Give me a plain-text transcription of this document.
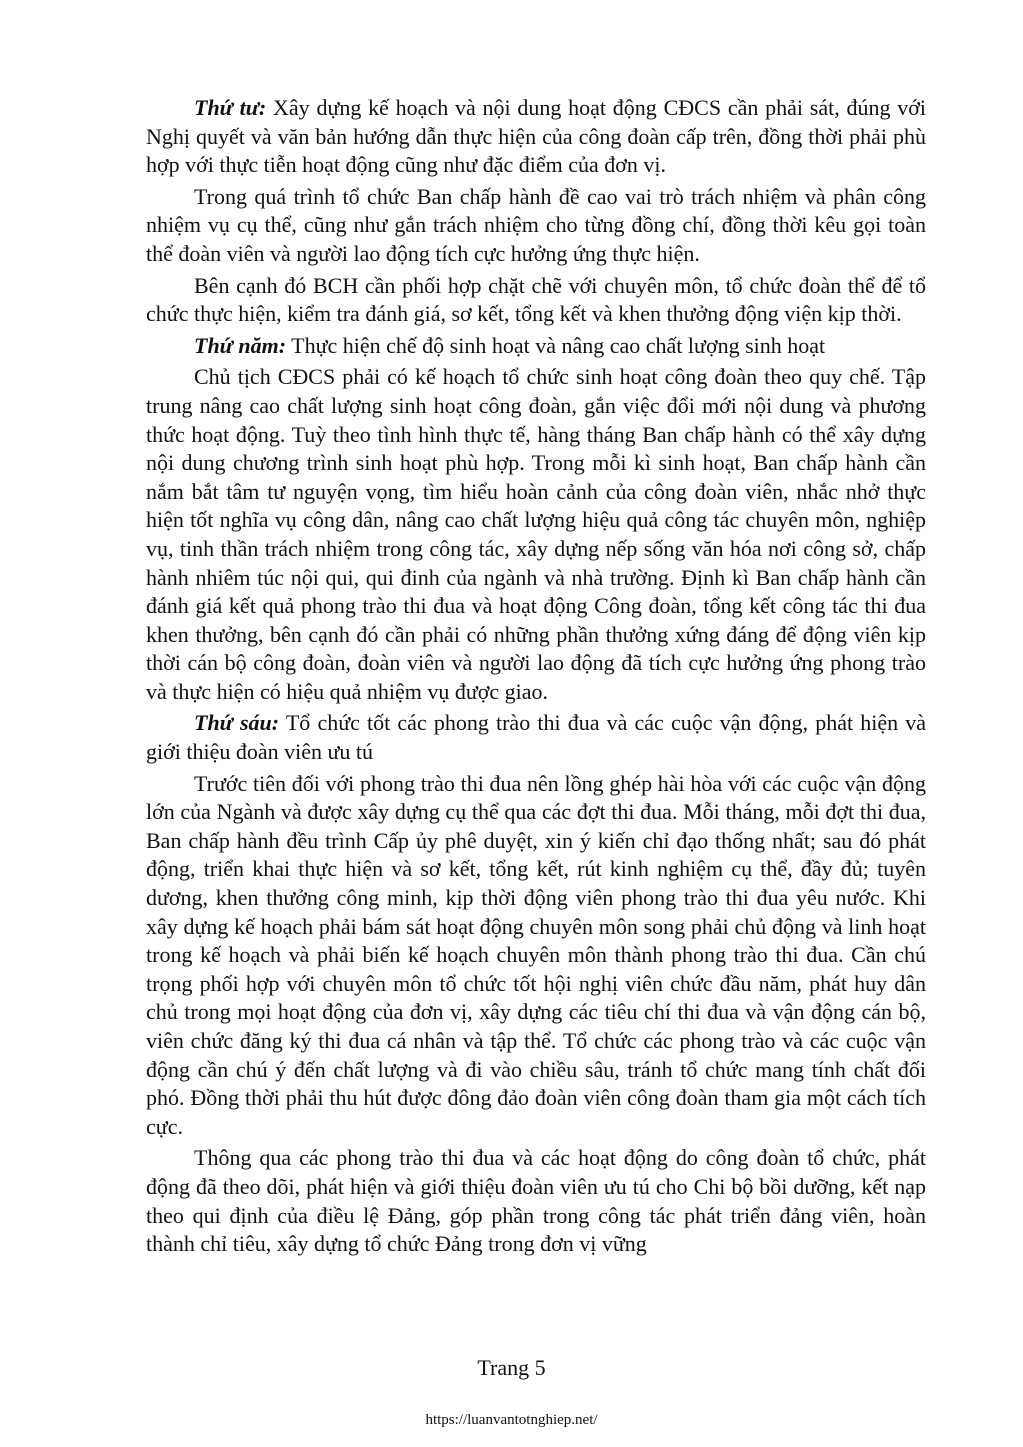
Thứ tư: Xây dựng kế hoạch và nội dung hoạt động CĐCS cần phải sát, đúng với Nghị quyết và văn bản hướng dẫn thực hiện của công đoàn cấp trên, đồng thời phải phù hợp với thực tiễn hoạt động cũng như đặc điểm của đơn vị.

Trong quá trình tổ chức Ban chấp hành đề cao vai trò trách nhiệm và phân công nhiệm vụ cụ thể, cũng như gắn trách nhiệm cho từng đồng chí, đồng thời kêu gọi toàn thể đoàn viên và người lao động tích cực hưởng ứng thực hiện.

Bên cạnh đó BCH cần phối hợp chặt chẽ với chuyên môn, tổ chức đoàn thể để tổ chức thực hiện, kiểm tra đánh giá, sơ kết, tổng kết và khen thưởng động viện kịp thời.

Thứ năm: Thực hiện chế độ sinh hoạt và nâng cao chất lượng sinh hoạt

Chủ tịch CĐCS phải có kế hoạch tổ chức sinh hoạt công đoàn theo quy chế. Tập trung nâng cao chất lượng sinh hoạt công đoàn, gắn việc đổi mới nội dung và phương thức hoạt động. Tuỳ theo tình hình thực tế, hàng tháng Ban chấp hành có thể xây dựng nội dung chương trình sinh hoạt phù hợp. Trong mỗi kì sinh hoạt, Ban chấp hành cần nắm bắt tâm tư nguyện vọng, tìm hiểu hoàn cảnh của công đoàn viên, nhắc nhở thực hiện tốt nghĩa vụ công dân, nâng cao chất lượng hiệu quả công tác chuyên môn, nghiệp vụ, tinh thần trách nhiệm trong công tác, xây dựng nếp sống văn hóa nơi công sở, chấp hành nhiêm túc nội qui, qui đinh của ngành và nhà trường. Định kì Ban chấp hành cần đánh giá kết quả phong trào thi đua và hoạt động Công đoàn, tổng kết công tác thi đua khen thưởng, bên cạnh đó cần phải có những phần thưởng xứng đáng để động viên kịp thời cán bộ công đoàn, đoàn viên và người lao động đã tích cực hưởng ứng phong trào và thực hiện có hiệu quả nhiệm vụ được giao.

Thứ sáu: Tổ chức tốt các phong trào thi đua và các cuộc vận động, phát hiện và giới thiệu đoàn viên ưu tú

Trước tiên đối với phong trào thi đua nên lồng ghép hài hòa với các cuộc vận động lớn của Ngành và được xây dựng cụ thể qua các đợt thi đua. Mỗi tháng, mỗi đợt thi đua, Ban chấp hành đều trình Cấp ủy phê duyệt, xin ý kiến chỉ đạo thống nhất; sau đó phát động, triển khai thực hiện và sơ kết, tổng kết, rút kinh nghiệm cụ thể, đầy đủ; tuyên dương, khen thưởng công minh, kịp thời động viên phong trào thi đua yêu nước. Khi xây dựng kế hoạch phải bám sát hoạt động chuyên môn song phải chủ động và linh hoạt trong kế hoạch và phải biến kế hoạch chuyên môn thành phong trào thi đua. Cần chú trọng phối hợp với chuyên môn tổ chức tốt hội nghị viên chức đầu năm, phát huy dân chủ trong mọi hoạt động của đơn vị, xây dựng các tiêu chí thi đua và vận động cán bộ, viên chức đăng ký thi đua cá nhân và tập thể. Tổ chức các phong trào và các cuộc vận động cần chú ý đến chất lượng và đi vào chiều sâu, tránh tổ chức mang tính chất đối phó. Đồng thời phải thu hút được đông đảo đoàn viên công đoàn tham gia một cách tích cực.

Thông qua các phong trào thi đua và các hoạt động do công đoàn tổ chức, phát động đã theo dõi, phát hiện và giới thiệu đoàn viên ưu tú cho Chi bộ bồi dưỡng, kết nạp theo qui định của điều lệ Đảng, góp phần trong công tác phát triển đảng viên, hoàn thành chỉ tiêu, xây dựng tổ chức Đảng trong đơn vị vững

Trang 5
https://luanvantotnghiep.net/
